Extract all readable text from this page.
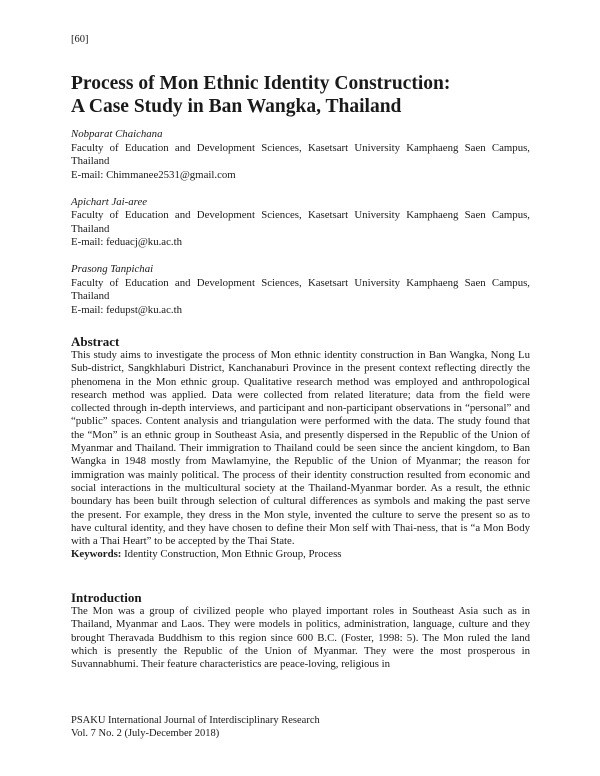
[60]
Process of Mon Ethnic Identity Construction:
A Case Study in Ban Wangka, Thailand
Nobparat Chaichana
Faculty of Education and Development Sciences, Kasetsart University Kamphaeng Saen Campus, Thailand
E-mail: Chimmanee2531@gmail.com
Apichart Jai-aree
Faculty of Education and Development Sciences, Kasetsart University Kamphaeng Saen Campus, Thailand
E-mail: feduacj@ku.ac.th
Prasong Tanpichai
Faculty of Education and Development Sciences, Kasetsart University Kamphaeng Saen Campus, Thailand
E-mail: fedupst@ku.ac.th
Abstract

This study aims to investigate the process of Mon ethnic identity construction in Ban Wangka, Nong Lu Sub-district, Sangkhlaburi District, Kanchanaburi Province in the present context reflecting directly the phenomena in the Mon ethnic group. Qualitative research method was employed and anthropological research method was applied. Data were collected from related literature; data from the field were collected through in-depth interviews, and participant and non-participant observations in “personal” and “public” spaces. Content analysis and triangulation were performed with the data. The study found that the “Mon” is an ethnic group in Southeast Asia, and presently dispersed in the Republic of the Union of Myanmar and Thailand. Their immigration to Thailand could be seen since the ancient kingdom, to Ban Wangka in 1948 mostly from Mawlamyine, the Republic of the Union of Myanmar; the reason for immigration was mainly political. The process of their identity construction resulted from economic and social interactions in the multicultural society at the Thailand-Myanmar border. As a result, the ethnic boundary has been built through selection of cultural differences as symbols and making the past serve the present. For example, they dress in the Mon style, invented the culture to serve the present so as to have cultural identity, and they have chosen to define their Mon self with Thai-ness, that is “a Mon Body with a Thai Heart” to be accepted by the Thai State.

Keywords: Identity Construction, Mon Ethnic Group, Process

Introduction

The Mon was a group of civilized people who played important roles in Southeast Asia such as in Thailand, Myanmar and Laos. They were models in politics, administration, language, culture and they brought Theravada Buddhism to this region since 600 B.C. (Foster, 1998: 5). The Mon ruled the land which is presently the Republic of the Union of Myanmar. They were the most prosperous in Suvannabhumi. Their feature characteristics are peace-loving, religious in

PSAKU International Journal of Interdisciplinary Research
Vol. 7 No. 2 (July-December 2018)
